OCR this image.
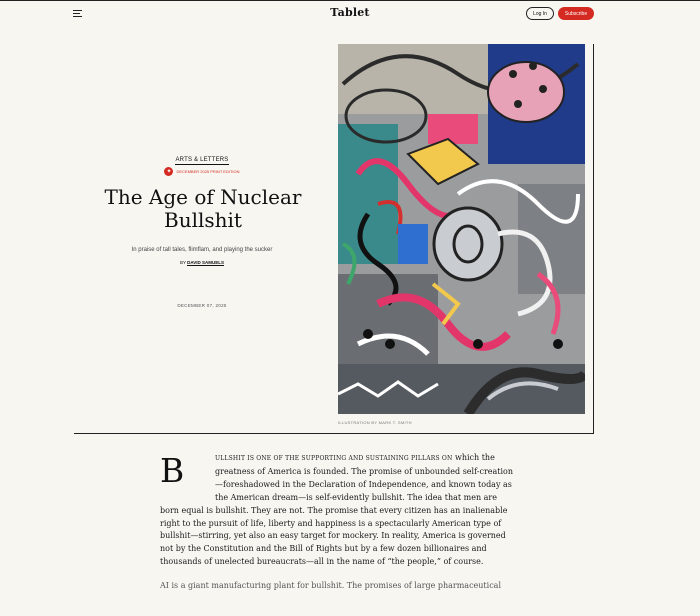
Tablet	Log In	Subscribe
ARTS & LETTERS
✦	DECEMBER 2025 PRINT EDITION
The Age of Nuclear Bullshit
In praise of tall tales, flimflam, and playing the sucker
BY DAVID SAMUELS
DECEMBER 07, 2025
ILLUSTRATION BY MARK T. SMITH

B	ULLSHIT IS ONE OF THE SUPPORTING AND SUSTAINING PILLARS ON which the greatness of America is founded. The promise of unbounded self-creation—foreshadowed in the Declaration of Independence, and known today as the American dream—is self-evidently bullshit. The idea that men are born equal is bullshit. They are not. The promise that every citizen has an inalienable right to the pursuit of life, liberty and happiness is a spectacularly American type of bullshit—stirring, yet also an easy target for mockery. In reality, America is governed not by the Constitution and the Bill of Rights but by a few dozen billionaires and thousands of unelected bureaucrats—all in the name of “the people,” of course.

AI is a giant manufacturing plant for bullshit. The promises of large pharmaceutical
